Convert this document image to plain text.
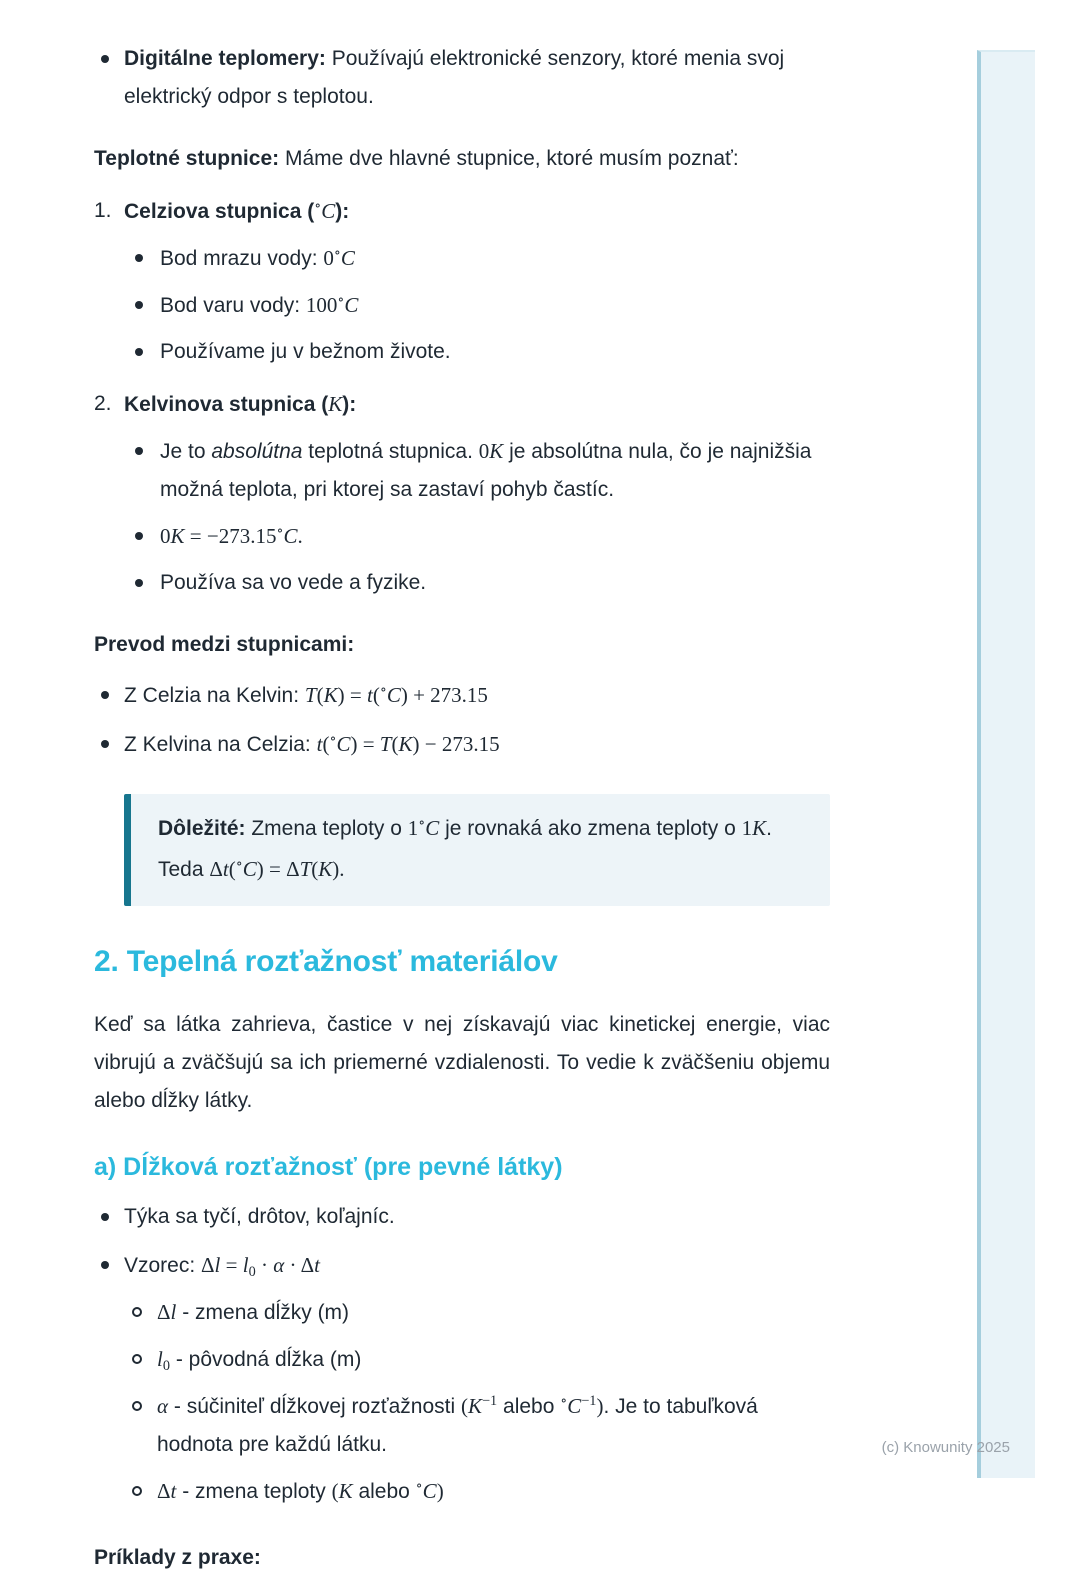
Digitálne teplomery: Používajú elektronické senzory, ktoré menia svoj elektrický odpor s teplotou.

Teplotné stupnice: Máme dve hlavné stupnice, ktoré musím poznať:

1. Celziova stupnica (∘C):
Bod mrazu vody: 0∘C
Bod varu vody: 100∘C
Používame ju v bežnom živote.
2. Kelvinova stupnica (K):
Je to absolútna teplotná stupnica. 0K je absolútna nula, čo je najnižšia možná teplota, pri ktorej sa zastaví pohyb častíc.
0K = −273.15∘C.
Používa sa vo vede a fyzike.

Prevod medzi stupnicami:

Z Celzia na Kelvin: T(K) = t(∘C) + 273.15
Z Kelvina na Celzia: t(∘C) = T(K) − 273.15
Dôležité: Zmena teploty o 1∘C je rovnaká ako zmena teploty o 1K. Teda Δt(∘C) = ΔT(K).
2. Tepelná rozťažnosť materiálov

Keď sa látka zahrieva, častice v nej získavajú viac kinetickej energie, viac vibrujú a zväčšujú sa ich priemerné vzdialenosti. To vedie k zväčšeniu objemu alebo dĺžky látky.

a) Dĺžková rozťažnosť (pre pevné látky)
Týka sa tyčí, drôtov, koľajníc.
Vzorec: Δl = l0 · α · Δt
Δl - zmena dĺžky (m)
l0 - pôvodná dĺžka (m)
α - súčiniteľ dĺžkovej rozťažnosti ($K^{-1}$ alebo $^\circ C^{-1}$). Je to tabuľková hodnota pre každú látku.
Δt - zmena teploty (K alebo ∘C)

Príklady z praxe:

(c) Knowunity 2025
